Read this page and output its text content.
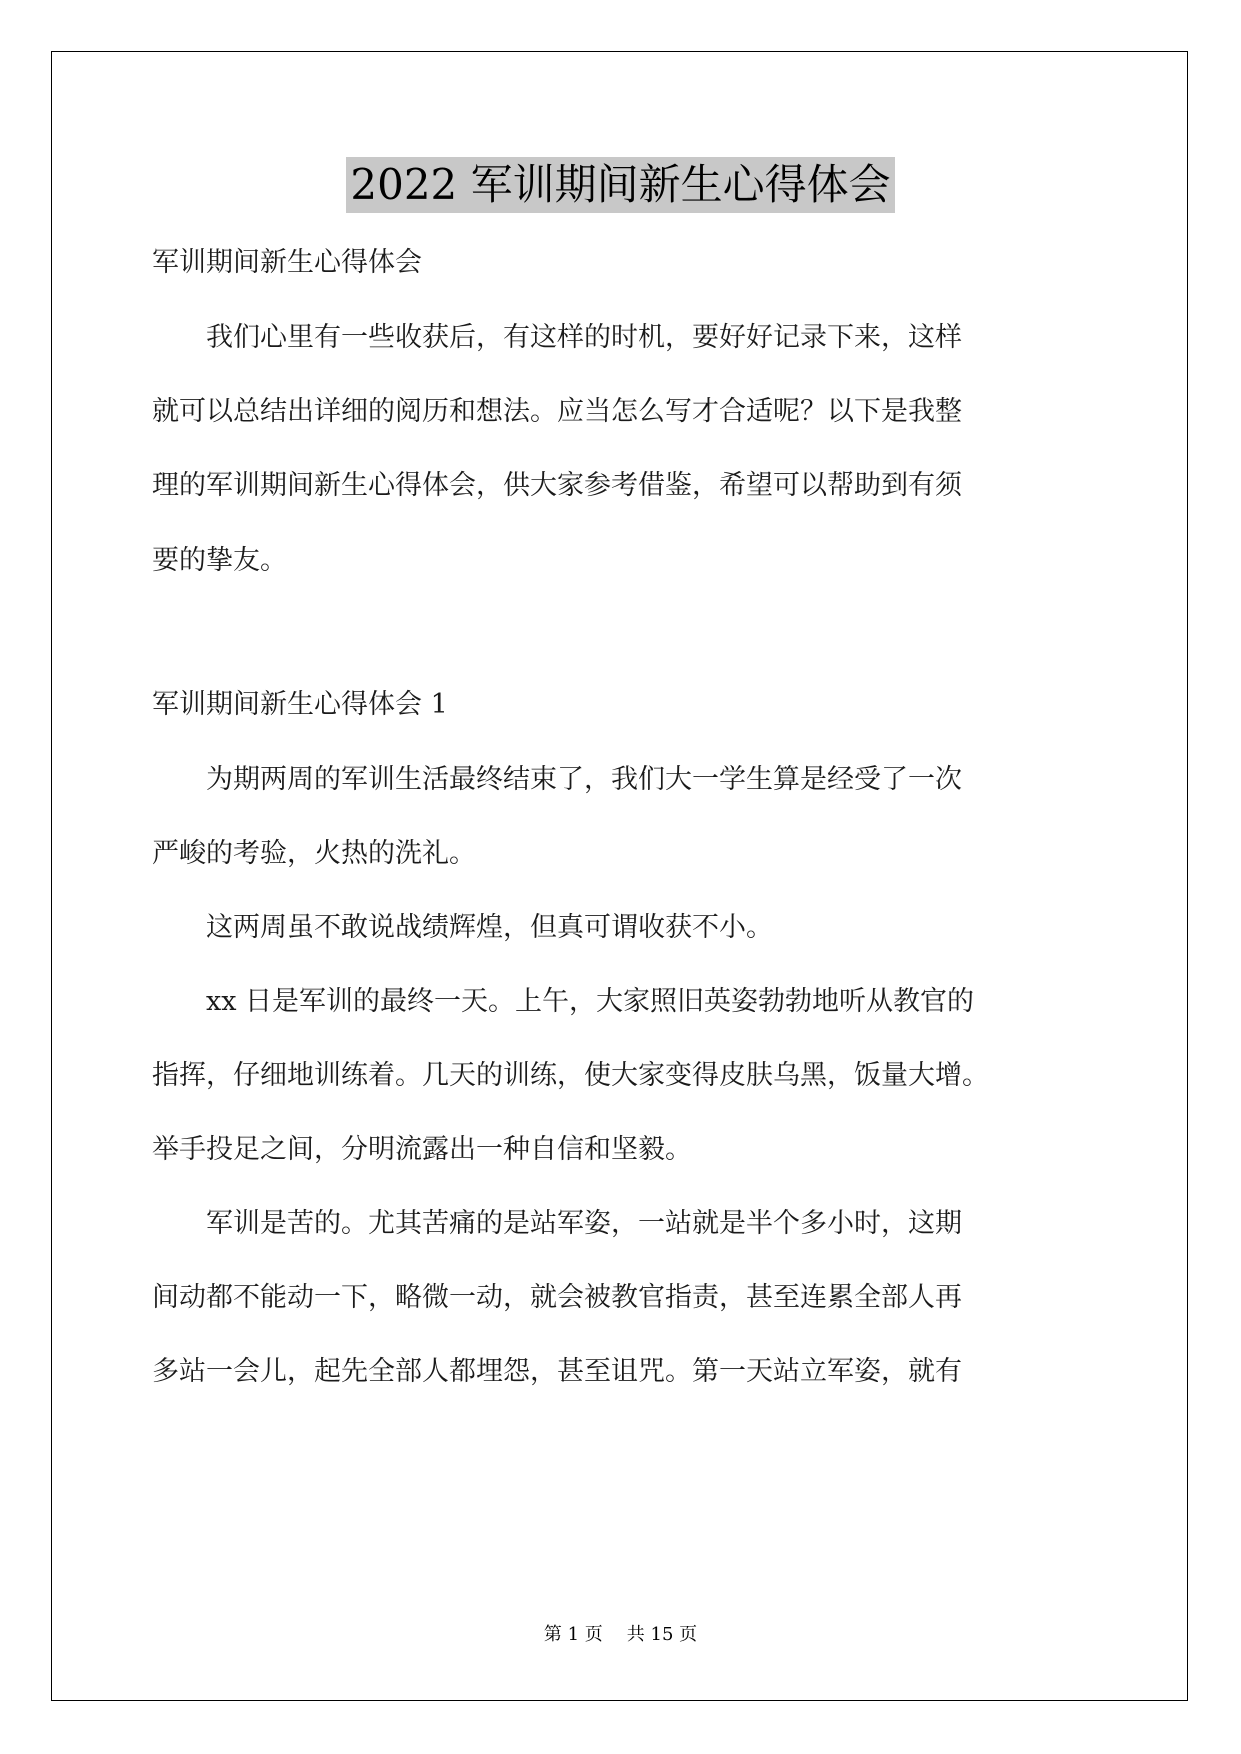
2022 军训期间新生心得体会
军训期间新生心得体会
　　我们心里有一些收获后，有这样的时机，要好好记录下来，这样
就可以总结出详细的阅历和想法。应当怎么写才合适呢？以下是我整
理的军训期间新生心得体会，供大家参考借鉴，希望可以帮助到有须
要的挚友。
军训期间新生心得体会 1
　　为期两周的军训生活最终结束了，我们大一学生算是经受了一次
严峻的考验，火热的洗礼。
　　这两周虽不敢说战绩辉煌，但真可谓收获不小。
　　xx 日是军训的最终一天。上午，大家照旧英姿勃勃地听从教官的
指挥，仔细地训练着。几天的训练，使大家变得皮肤乌黑，饭量大增。
举手投足之间，分明流露出一种自信和坚毅。
　　军训是苦的。尤其苦痛的是站军姿，一站就是半个多小时，这期
间动都不能动一下，略微一动，就会被教官指责，甚至连累全部人再
多站一会儿，起先全部人都埋怨，甚至诅咒。第一天站立军姿，就有
第 1 页 共 15 页
